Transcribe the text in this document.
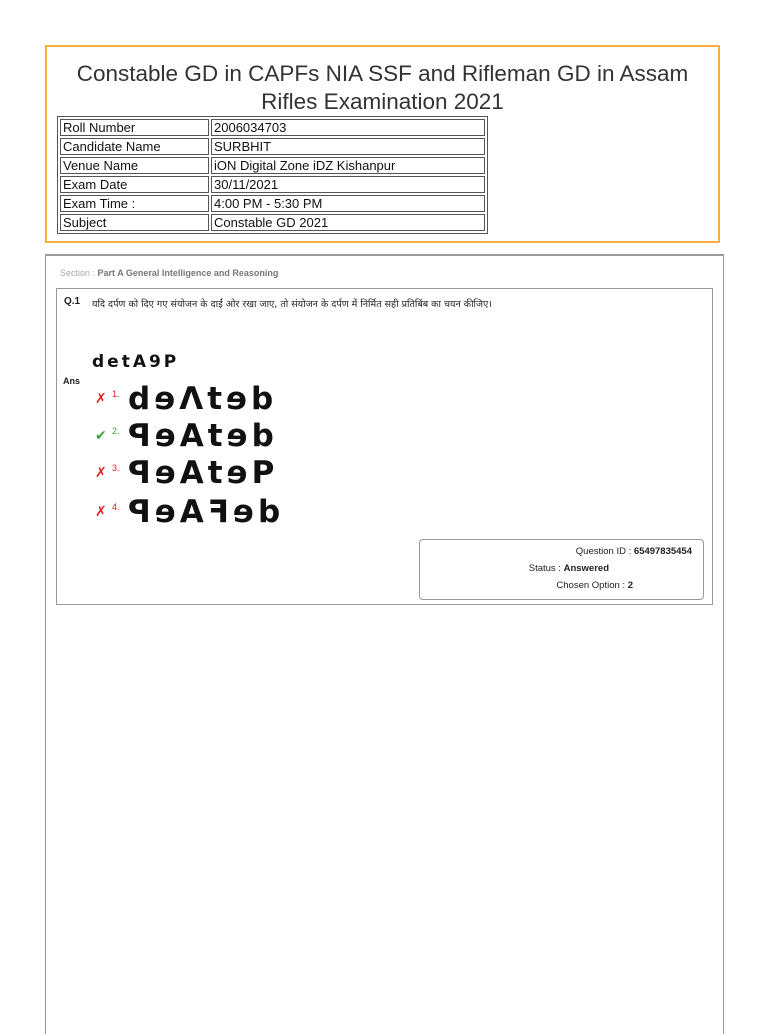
Constable GD in CAPFs NIA SSF and Rifleman GD in Assam Rifles Examination 2021
Roll Number	2006034703
Candidate Name	SURBHIT
Venue Name	iON Digital Zone iDZ Kishanpur
Exam Date	30/11/2021
Exam Time :	4:00 PM - 5:30 PM
Subject	Constable GD 2021
Section : Part A General Intelligence and Reasoning
Q.1 यदि दर्पण को दिए गए संयोजन के दाईं ओर रखा जाए, तो संयोजन के दर्पण में निर्मित सही प्रतिबिंब का चयन कीजिए।
detA9P
Ans
✗ 1. dɘɅtɘb
✔ 2. ꟼɘAtɘb
✗ 3. ꟼɘAtɘP
✗ 4. ꟼɘAꟻɘb
Question ID : 65497835454
Status : Answered
Chosen Option : 2
